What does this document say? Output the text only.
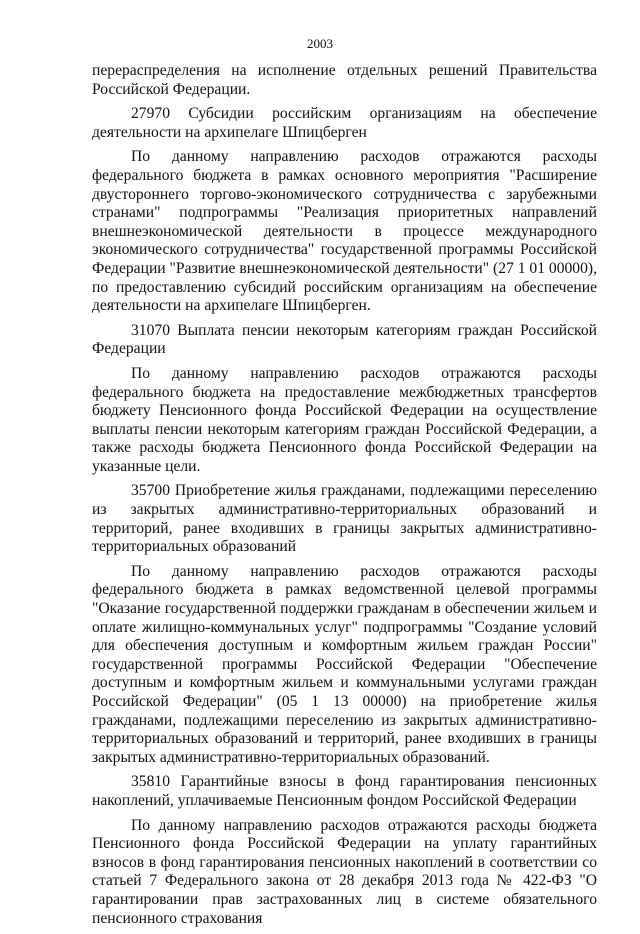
2003

перераспределения на исполнение отдельных решений Правительства Российской Федерации.

27970 Субсидии российским организациям на обеспечение деятельности на архипелаге Шпицберген

По данному направлению расходов отражаются расходы федерального бюджета в рамках основного мероприятия "Расширение двустороннего торгово-экономического сотрудничества с зарубежными странами" подпрограммы "Реализация приоритетных направлений внешнеэкономической деятельности в процессе международного экономического сотрудничества" государственной программы Российской Федерации "Развитие внешнеэкономической деятельности" (27 1 01 00000), по предоставлению субсидий российским организациям на обеспечение деятельности на архипелаге Шпицберген.

31070 Выплата пенсии некоторым категориям граждан Российской Федерации

По данному направлению расходов отражаются расходы федерального бюджета на предоставление межбюджетных трансфертов бюджету Пенсионного фонда Российской Федерации на осуществление выплаты пенсии некоторым категориям граждан Российской Федерации, а также расходы бюджета Пенсионного фонда Российской Федерации на указанные цели.

35700 Приобретение жилья гражданами, подлежащими переселению из закрытых административно-территориальных образований и территорий, ранее входивших в границы закрытых административно-территориальных образований

По данному направлению расходов отражаются расходы федерального бюджета в рамках ведомственной целевой программы "Оказание государственной поддержки гражданам в обеспечении жильем и оплате жилищно-коммунальных услуг" подпрограммы "Создание условий для обеспечения доступным и комфортным жильем граждан России" государственной программы Российской Федерации "Обеспечение доступным и комфортным жильем и коммунальными услугами граждан Российской Федерации" (05 1 13 00000) на приобретение жилья гражданами, подлежащими переселению из закрытых административно-территориальных образований и территорий, ранее входивших в границы закрытых административно-территориальных образований.

35810 Гарантийные взносы в фонд гарантирования пенсионных накоплений, уплачиваемые Пенсионным фондом Российской Федерации

По данному направлению расходов отражаются расходы бюджета Пенсионного фонда Российской Федерации на уплату гарантийных взносов в фонд гарантирования пенсионных накоплений в соответствии со статьей 7 Федерального закона от 28 декабря 2013 года № 422-ФЗ "О гарантировании прав застрахованных лиц в системе обязательного пенсионного страхования
